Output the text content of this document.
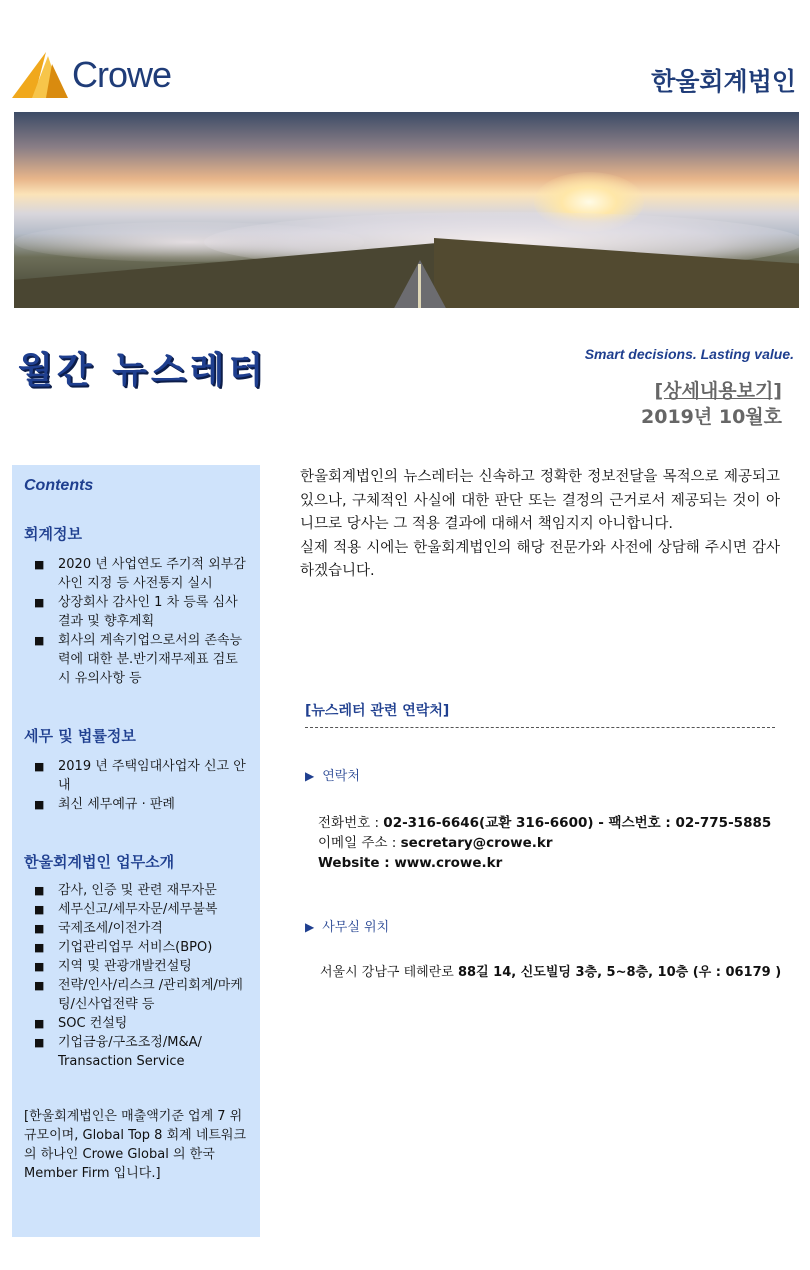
Crowe	한울회계법인
월간 뉴스레터	Smart decisions. Lasting value.
[상세내용보기]
2019년 10월호
Contents
회계정보
■ 2020 년 사업연도 주기적 외부감사인 지정 등 사전통지 실시
■ 상장회사 감사인 1 차 등록 심사 결과 및 향후계획
■ 회사의 계속기업으로서의 존속능력에 대한 분.반기재무제표 검토 시 유의사항 등
세무 및 법률정보
■ 2019 년 주택임대사업자 신고 안내
■ 최신 세무예규 · 판례
한울회계법인 업무소개
■ 감사, 인증 및 관련 재무자문
■ 세무신고/세무자문/세무불복
■ 국제조세/이전가격
■ 기업관리업무 서비스(BPO)
■ 지역 및 관광개발컨설팅
■ 전략/인사/리스크 /관리회계/마케팅/신사업전략 등
■ SOC 컨설팅
■ 기업금융/구조조정/M&A/ Transaction Service
[한울회계법인은 매출액기준 업계 7 위 규모이며, Global Top 8 회계 네트워크의 하나인 Crowe Global 의 한국 Member Firm 입니다.]

한울회계법인의 뉴스레터는 신속하고 정확한 정보전달을 목적으로 제공되고 있으나, 구체적인 사실에 대한 판단 또는 결정의 근거로서 제공되는 것이 아니므로 당사는 그 적용 결과에 대해서 책임지지 아니합니다.

실제 적용 시에는 한울회계법인의 해당 전문가와 사전에 상담해 주시면 감사하겠습니다.

[뉴스레터 관련 연락처]
▶ 연락처
전화번호 : 02-316-6646(교환 316-6600) - 팩스번호 : 02-775-5885
이메일 주소 : secretary@crowe.kr
Website : www.crowe.kr
▶ 사무실 위치
서울시 강남구 테헤란로 88길 14, 신도빌딩 3층, 5~8층, 10층 (우 : 06179 )
